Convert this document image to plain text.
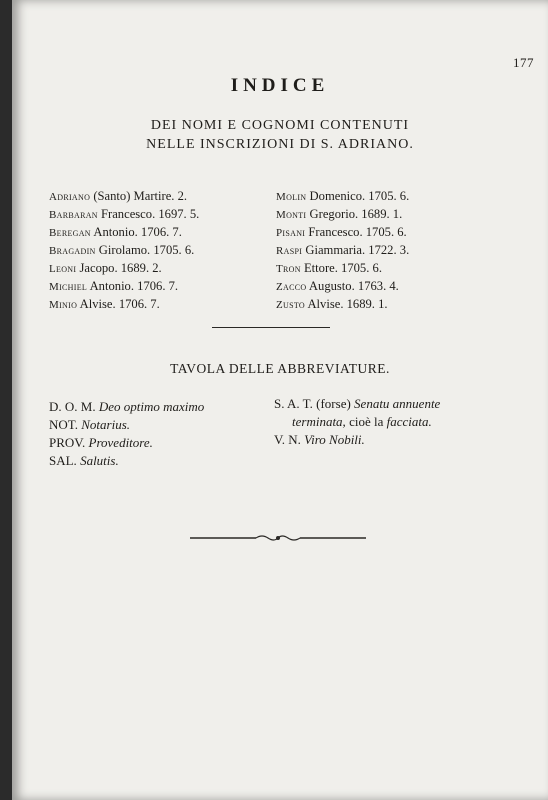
177
INDICE
DEI NOMI E COGNOMI CONTENUTI
NELLE INSCRIZIONI DI S. ADRIANO.
Adriano (Santo) Martire. 2.
Barbaran Francesco. 1697. 5.
Beregan Antonio. 1706. 7.
Bragadin Girolamo. 1705. 6.
Leoni Jacopo. 1689. 2.
Michiel Antonio. 1706. 7.
Minio Alvise. 1706. 7.
Molin Domenico. 1705. 6.
Monti Gregorio. 1689. 1.
Pisani Francesco. 1705. 6.
Raspi Giammaria. 1722. 3.
Tron Ettore. 1705. 6.
Zacco Augusto. 1763. 4.
Zusto Alvise. 1689. 1.
TAVOLA DELLE ABBREVIATURE.
D. O. M. Deo optimo maximo
NOT. Notarius.
PROV. Proveditore.
SAL. Salutis.
S. A. T. (forse) Senatu annuente
terminata, cioè la facciata.
V. N. Viro Nobili.
